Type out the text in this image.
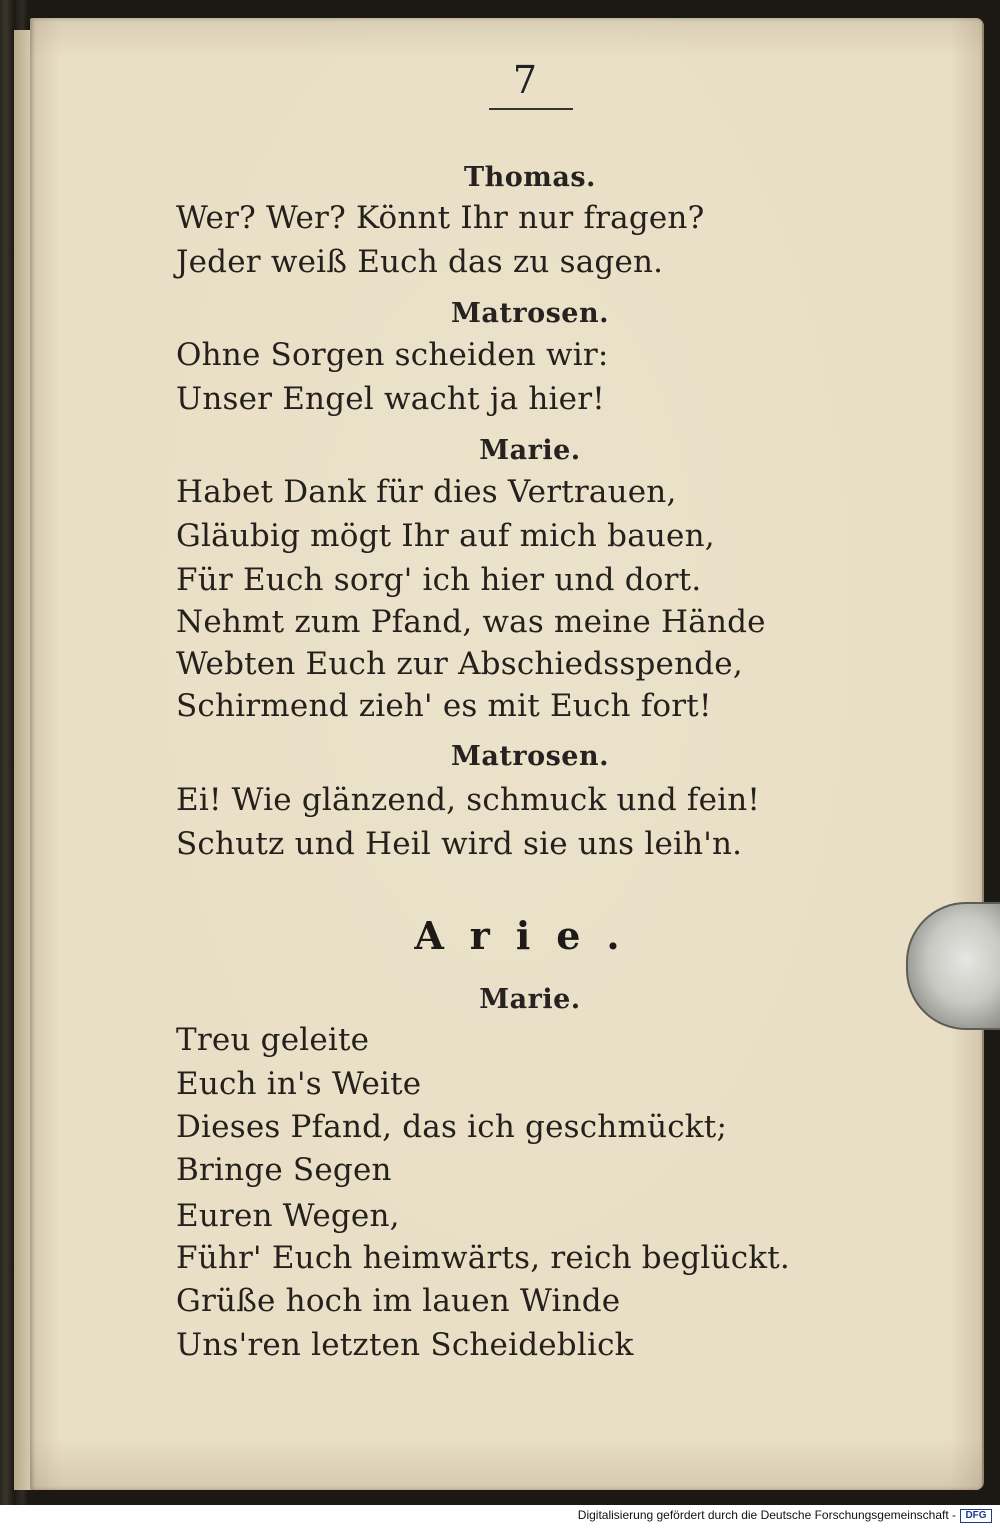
7
Thomas.
Wer? Wer? Könnt Ihr nur fragen?
Jeder weiß Euch das zu sagen.
Matrosen.
Ohne Sorgen scheiden wir:
Unser Engel wacht ja hier!
Marie.
Habet Dank für dies Vertrauen,
Gläubig mögt Ihr auf mich bauen,
Für Euch sorg' ich hier und dort.
Nehmt zum Pfand, was meine Hände
Webten Euch zur Abschiedsspende,
Schirmend zieh' es mit Euch fort!
Matrosen.
Ei! Wie glänzend, schmuck und fein!
Schutz und Heil wird sie uns leih'n.
Arie.
Marie.
Treu geleite
Euch in's Weite
Dieses Pfand, das ich geschmückt;
Bringe Segen
Euren Wegen,
Führ' Euch heimwärts, reich beglückt.
Grüße hoch im lauen Winde
Uns'ren letzten Scheideblick
Digitalisierung gefördert durch die Deutsche Forschungsgemeinschaft - DFG
